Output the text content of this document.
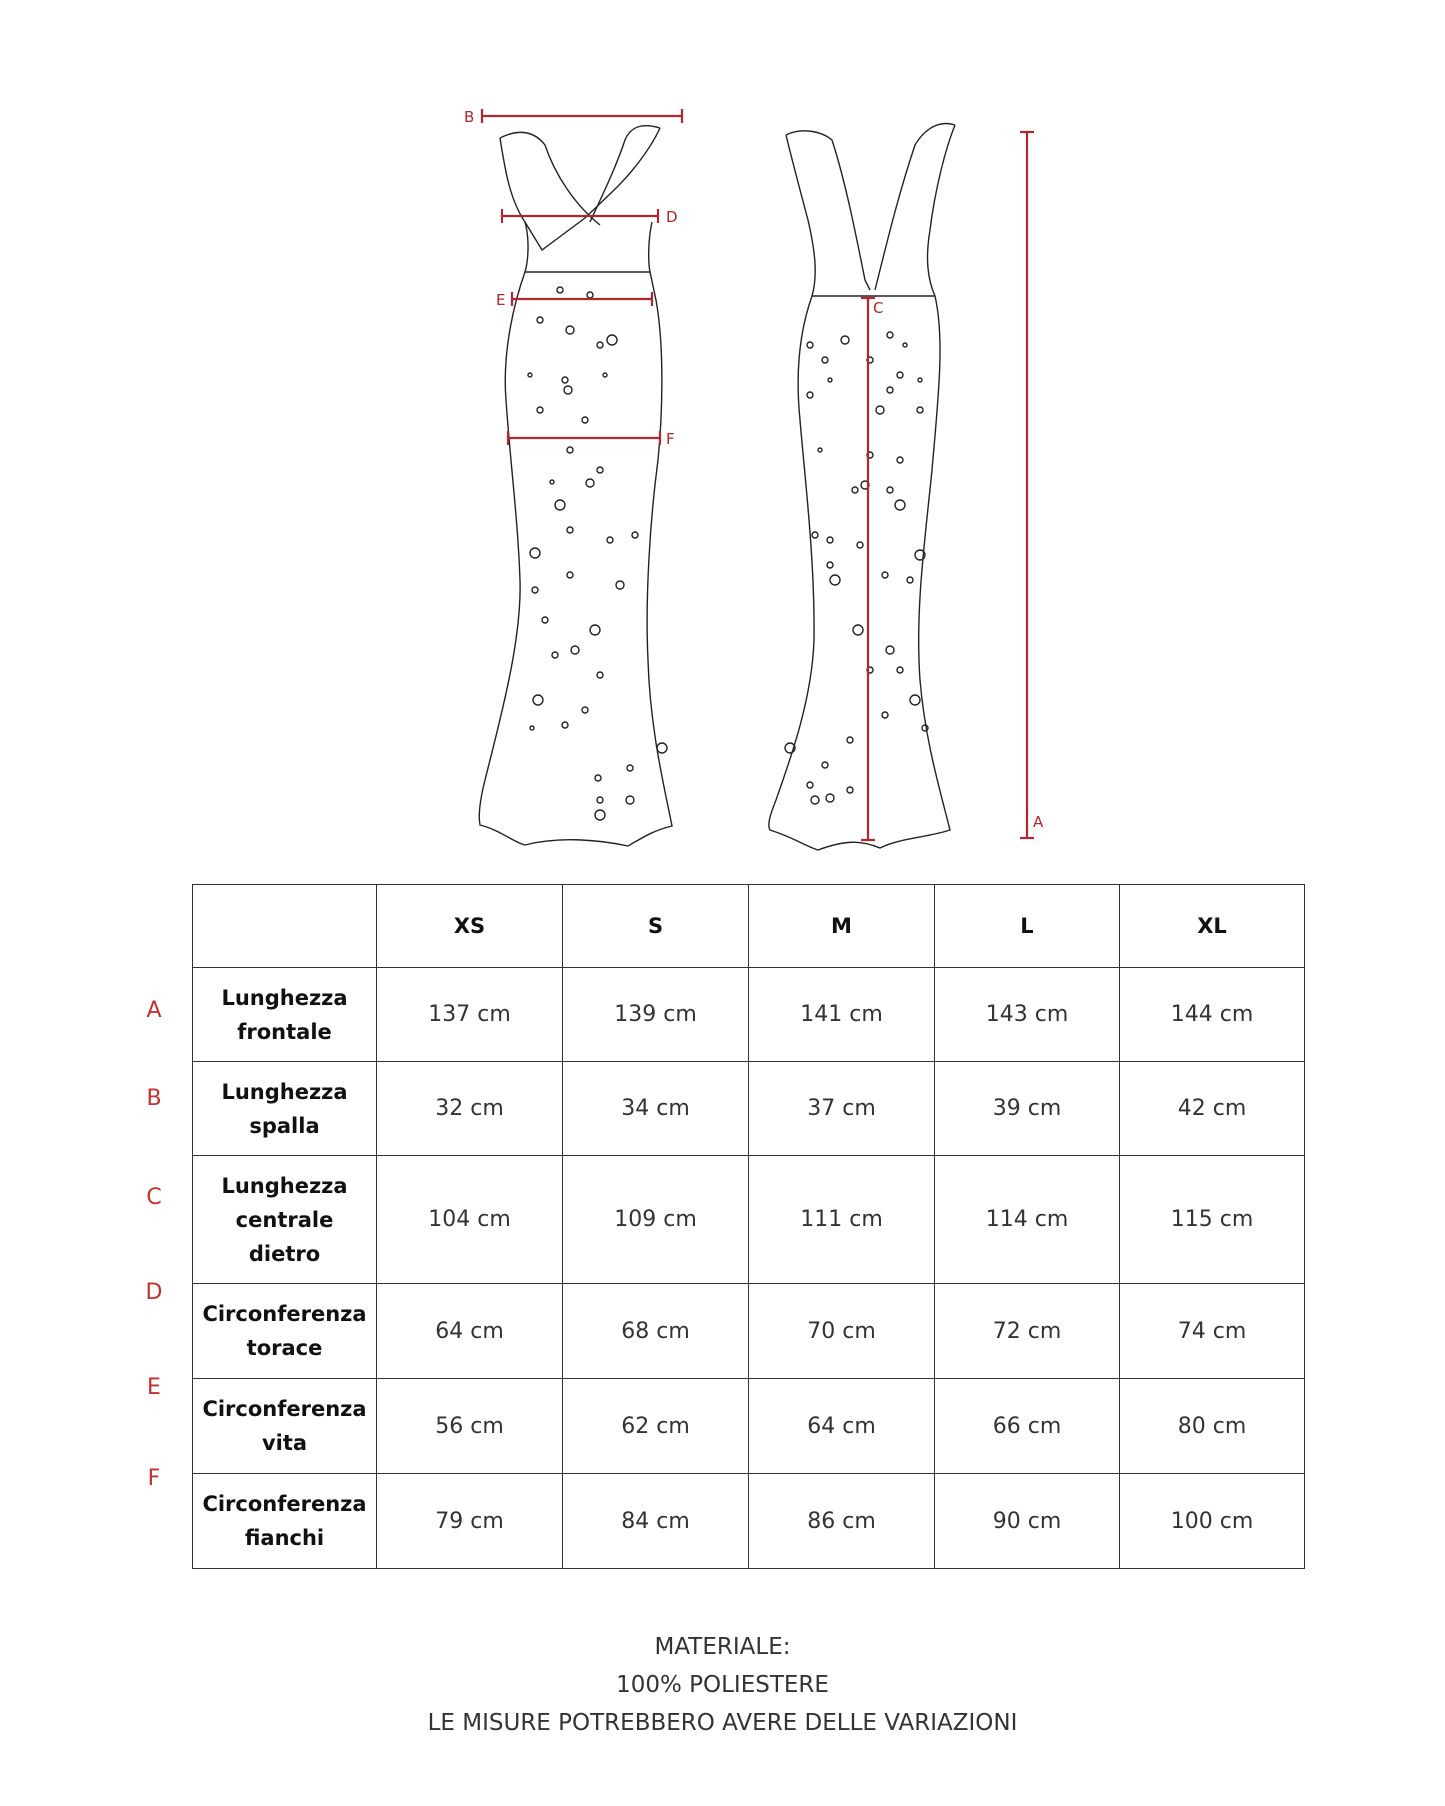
B
D
E
F
C
A
A
B
C
D
E
F
	XS	S	M	L	XL
Lunghezza
frontale	137 cm	139 cm	141 cm	143 cm	144 cm
Lunghezza
spalla	32 cm	34 cm	37 cm	39 cm	42 cm
Lunghezza
centrale
dietro	104 cm	109 cm	111 cm	114 cm	115 cm
Circonferenza
torace	64 cm	68 cm	70 cm	72 cm	74 cm
Circonferenza
vita	56 cm	62 cm	64 cm	66 cm	80 cm
Circonferenza
fianchi	79 cm	84 cm	86 cm	90 cm	100 cm
MATERIALE:
100% POLIESTERE
LE MISURE POTREBBERO AVERE DELLE VARIAZIONI
